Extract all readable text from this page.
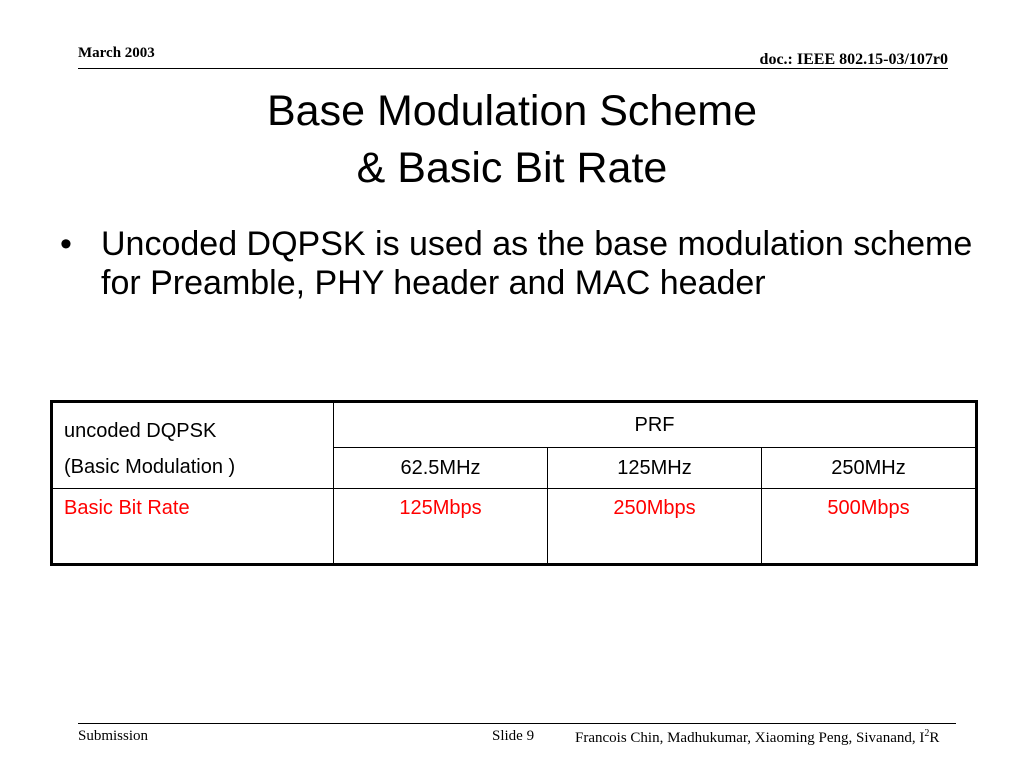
March 2003	doc.: IEEE 802.15-03/107r0
Base Modulation Scheme
& Basic Bit Rate
• Uncoded DQPSK is used as the base modulation scheme for Preamble, PHY header and MAC header
uncoded DQPSK
(Basic Modulation )	PRF		
	62.5MHz	125MHz	250MHz
Basic Bit Rate	125Mbps	250Mbps	500Mbps
Submission	Slide 9	Francois Chin, Madhukumar, Xiaoming Peng, Sivanand, $I^2R$
